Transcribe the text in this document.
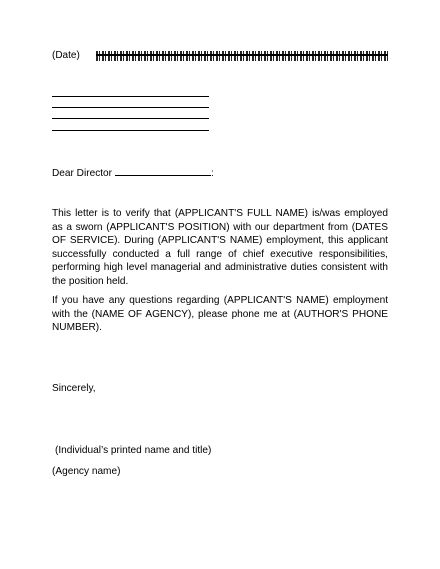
(Date)
Dear Director	:
This letter is to verify that (APPLICANT'S FULL NAME) is/was employed as a sworn (APPLICANT'S POSITION) with our department from (DATES OF SERVICE). During (APPLICANT'S NAME) employment, this applicant successfully conducted a full range of chief executive responsibilities, performing high level managerial and administrative duties consistent with the position held.
If you have any questions regarding (APPLICANT'S NAME) employment with the (NAME OF AGENCY), please phone me at (AUTHOR'S PHONE NUMBER).
Sincerely,
(Individual’s printed name and title)
(Agency name)
